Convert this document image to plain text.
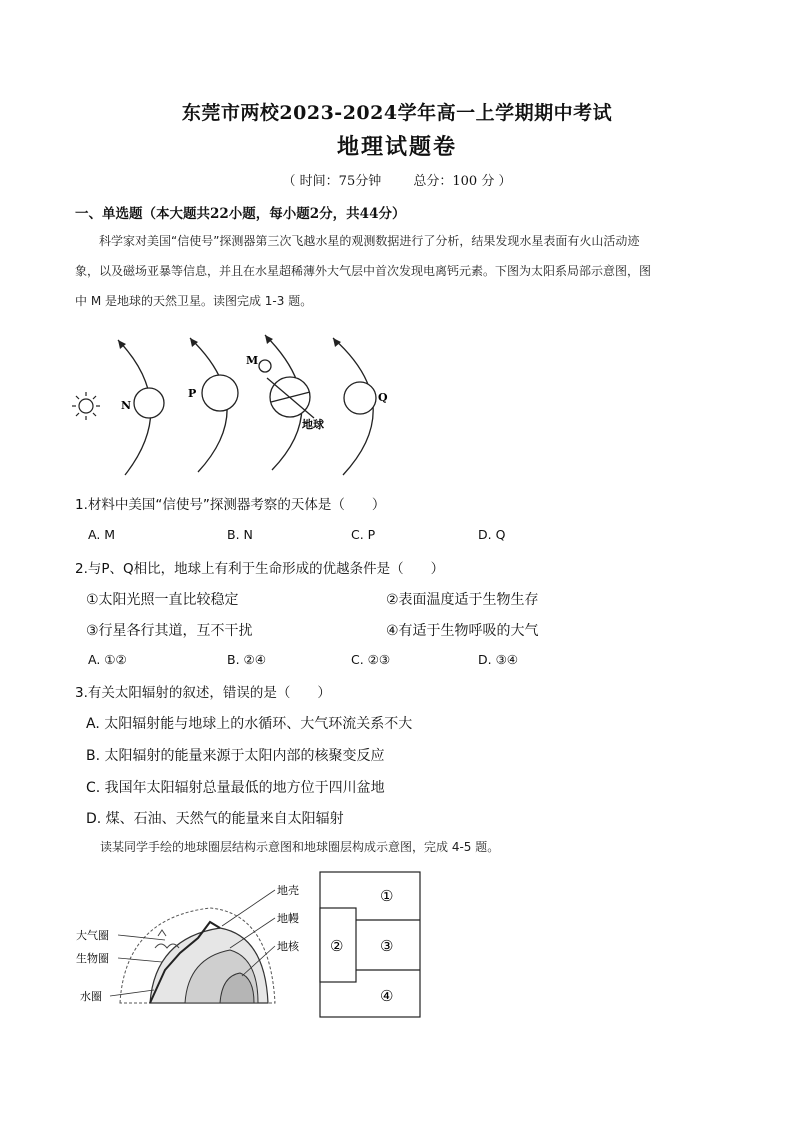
东莞市两校2023-2024学年高一上学期期中考试
地理试题卷
（ 时间：75分钟 总分：100 分 ）
一、单选题（本大题共22小题，每小题2分，共44分）
科学家对美国“信使号”探测器第三次飞越水星的观测数据进行了分析，结果发现水星表面有火山活动迹
象，以及磁场亚暴等信息，并且在水星超稀薄外大气层中首次发现电离钙元素。下图为太阳系局部示意图，图
中 M 是地球的天然卫星。读图完成 1-3 题。
N
P
M
Q
地球
1.材料中美国“信使号”探测器考察的天体是（　　）
A. M	B. N	C. P	D. Q
2.与P、Q相比，地球上有利于生命形成的优越条件是（　　）
①太阳光照一直比较稳定	②表面温度适于生物生存
③行星各行其道，互不干扰	④有适于生物呼吸的大气
A. ①②	B. ②④	C. ②③	D. ③④
3.有关太阳辐射的叙述，错误的是（　　）
A. 太阳辐射能与地球上的水循环、大气环流关系不大
B. 太阳辐射的能量来源于太阳内部的核聚变反应
C. 我国年太阳辐射总量最低的地方位于四川盆地
D. 煤、石油、天然气的能量来自太阳辐射
读某同学手绘的地球圈层结构示意图和地球圈层构成示意图，完成 4-5 题。
大气圈
生物圈
水圈
地壳
地幔
地核
①
② ③
④
